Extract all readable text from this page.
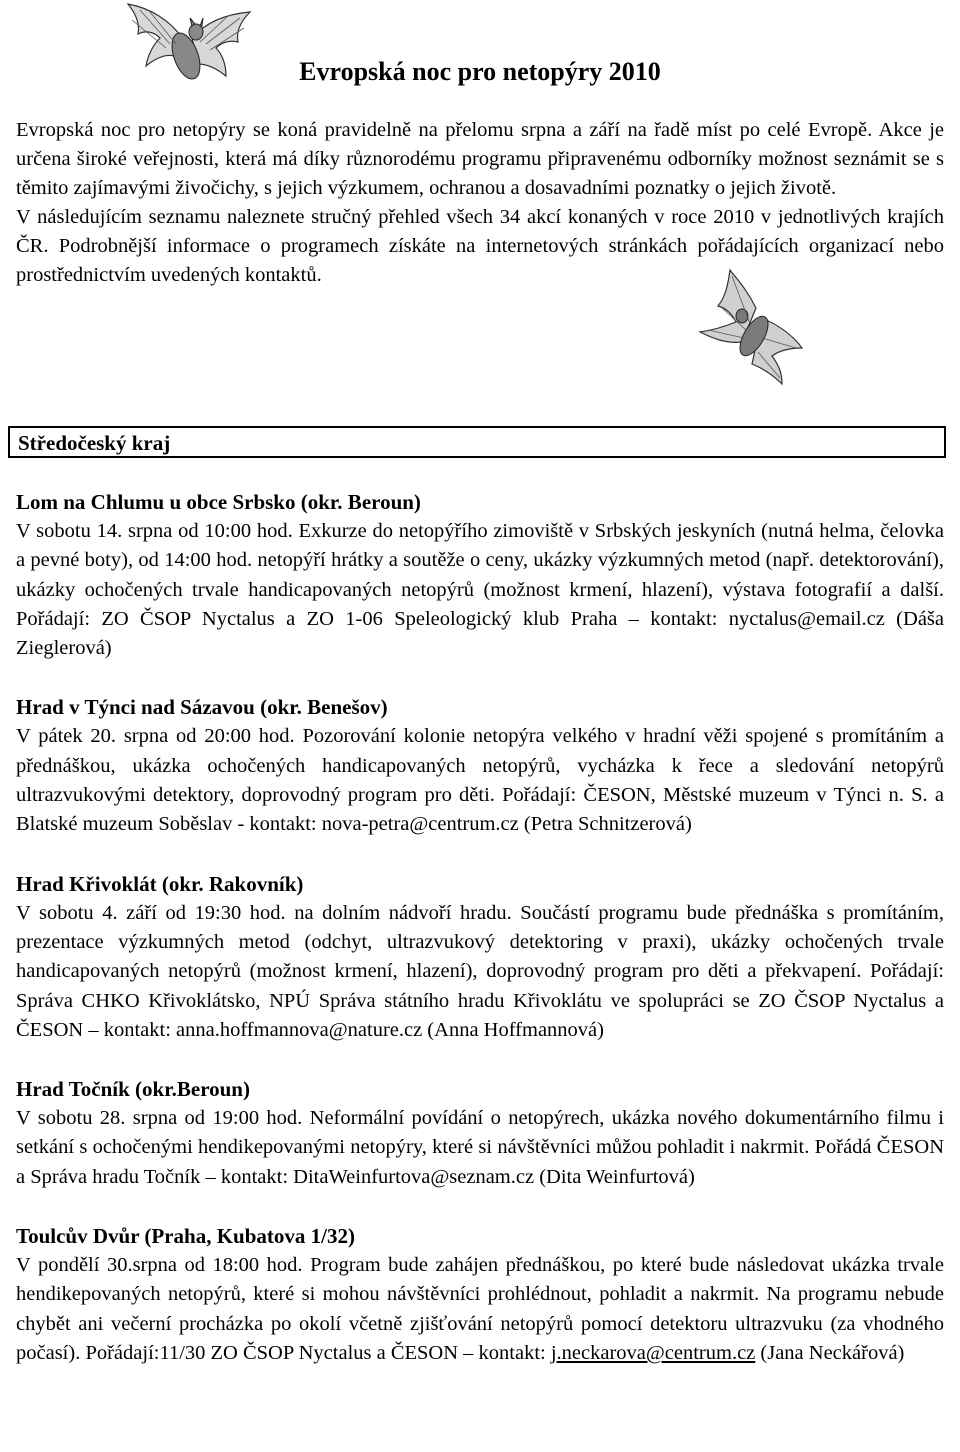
Evropská noc pro netopýry 2010

Evropská noc pro netopýry se koná pravidelně na přelomu srpna a září na řadě míst po celé Evropě. Akce je určena široké veřejnosti, která má díky různorodému programu připravenému odborníky možnost seznámit se s těmito zajímavými živočichy, s jejich výzkumem, ochranou a dosavadními poznatky o jejich životě.

V následujícím seznamu naleznete stručný přehled všech 34 akcí konaných v roce 2010 v jednotlivých krajích ČR. Podrobnější informace o programech získáte na internetových stránkách pořádajících organizací nebo prostřednictvím uvedených kontaktů.

Středočeský kraj

Lom na Chlumu u obce Srbsko (okr. Beroun)

V sobotu 14. srpna od 10:00 hod. Exkurze do netopýřího zimoviště v Srbských jeskyních (nutná helma, čelovka a pevné boty), od 14:00 hod. netopýří hrátky a soutěže o ceny, ukázky výzkumných metod (např. detektorování), ukázky ochočených trvale handicapovaných netopýrů (možnost krmení, hlazení), výstava fotografií a další. Pořádají: ZO ČSOP Nyctalus a ZO 1-06 Speleologický klub Praha – kontakt: nyctalus@email.cz (Dáša Zieglerová)

Hrad v Týnci nad Sázavou (okr. Benešov)

V pátek 20. srpna od 20:00 hod. Pozorování kolonie netopýra velkého v hradní věži spojené s promítáním a přednáškou, ukázka ochočených handicapovaných netopýrů, vycházka k řece a sledování netopýrů ultrazvukovými detektory, doprovodný program pro děti. Pořádají: ČESON, Městské muzeum v Týnci n. S. a Blatské muzeum Soběslav - kontakt: nova-petra@centrum.cz (Petra Schnitzerová)

Hrad Křivoklát (okr. Rakovník)

V sobotu 4. září od 19:30 hod. na dolním nádvoří hradu. Součástí programu bude přednáška s promítáním, prezentace výzkumných metod (odchyt, ultrazvukový detektoring v praxi), ukázky ochočených trvale handicapovaných netopýrů (možnost krmení, hlazení), doprovodný program pro děti a překvapení. Pořádají: Správa CHKO Křivoklátsko, NPÚ Správa státního hradu Křivoklátu ve spolupráci se ZO ČSOP Nyctalus a ČESON – kontakt: anna.hoffmannova@nature.cz (Anna Hoffmannová)

Hrad Točník (okr.Beroun)

V sobotu 28. srpna od 19:00 hod. Neformální povídání o netopýrech, ukázka nového dokumentárního filmu i setkání s ochočenými hendikepovanými netopýry, které si návštěvníci můžou pohladit i nakrmit. Pořádá ČESON a Správa hradu Točník – kontakt: DitaWeinfurtova@seznam.cz (Dita Weinfurtová)

Toulcův Dvůr (Praha, Kubatova 1/32)

V pondělí 30.srpna od 18:00 hod. Program bude zahájen přednáškou, po které bude následovat ukázka trvale hendikepovaných netopýrů, které si mohou návštěvníci prohlédnout, pohladit a nakrmit. Na programu nebude chybět ani večerní procházka po okolí včetně zjišťování netopýrů pomocí detektoru ultrazvuku (za vhodného počasí). Pořádají:11/30 ZO ČSOP Nyctalus a ČESON – kontakt: j.neckarova@centrum.cz (Jana Neckářová)
